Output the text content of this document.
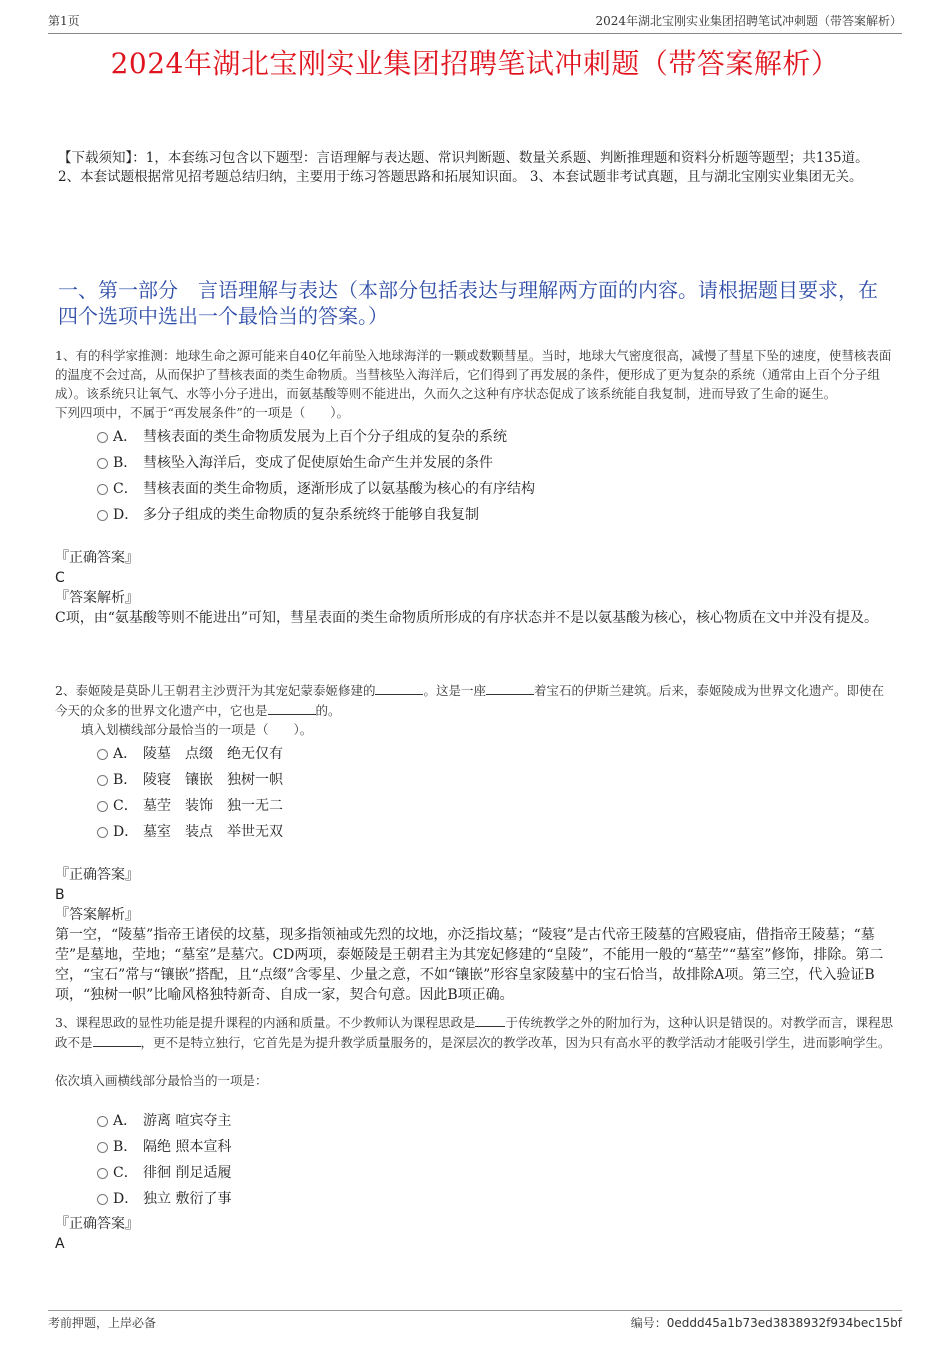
第1页	2024年湖北宝刚实业集团招聘笔试冲刺题（带答案解析）
2024年湖北宝刚实业集团招聘笔试冲刺题（带答案解析）
【下载须知】：1，本套练习包含以下题型：言语理解与表达题、常识判断题、数量关系题、判断推理题和资料分析题等题型；共135道。 2、本套试题根据常见招考题总结归纳，主要用于练习答题思路和拓展知识面。 3、本套试题非考试真题，且与湖北宝刚实业集团无关。
一、第一部分　言语理解与表达（本部分包括表达与理解两方面的内容。请根据题目要求，在四个选项中选出一个最恰当的答案。）

1、有的科学家推测：地球生命之源可能来自40亿年前坠入地球海洋的一颗或数颗彗星。当时，地球大气密度很高，减慢了彗星下坠的速度，使彗核表面的温度不会过高，从而保护了彗核表面的类生命物质。当彗核坠入海洋后，它们得到了再发展的条件，便形成了更为复杂的系统（通常由上百个分子组成）。该系统只让氧气、水等小分子进出，而氨基酸等则不能进出，久而久之这种有序状态促成了该系统能自我复制，进而导致了生命的诞生。

下列四项中，不属于“再发展条件”的一项是（　　）。

A． 彗核表面的类生命物质发展为上百个分子组成的复杂的系统
B． 彗核坠入海洋后，变成了促使原始生命产生并发展的条件
C． 彗核表面的类生命物质，逐渐形成了以氨基酸为核心的有序结构
D． 多分子组成的类生命物质的复杂系统终于能够自我复制
『正确答案』
C
『答案解析』
C项，由“氨基酸等则不能进出”可知，彗星表面的类生命物质所形成的有序状态并不是以氨基酸为核心，核心物质在文中并没有提及。

2、泰姬陵是莫卧儿王朝君主沙贾汗为其宠妃蒙泰姬修建的	。这是一座	着宝石的伊斯兰建筑。后来，泰姬陵成为世界文化遗产。即使在今天的众多的世界文化遗产中，它也是	的。

填入划横线部分最恰当的一项是（　　）。

A． 陵墓　点缀　绝无仅有
B． 陵寝　镶嵌　独树一帜
C． 墓茔　装饰　独一无二
D． 墓室　装点　举世无双
『正确答案』
B
『答案解析』
第一空，“陵墓”指帝王诸侯的坟墓，现多指领袖或先烈的坟地，亦泛指坟墓；“陵寝”是古代帝王陵墓的宫殿寝庙，借指帝王陵墓；“墓茔”是墓地，茔地；“墓室”是墓穴。CD两项，泰姬陵是王朝君主为其宠妃修建的“皇陵”，不能用一般的“墓茔”“墓室”修饰，排除。第二空，“宝石”常与“镶嵌”搭配，且“点缀”含零星、少量之意，不如“镶嵌”形容皇家陵墓中的宝石恰当，故排除A项。第三空，代入验证B项，“独树一帜”比喻风格独特新奇、自成一家，契合句意。因此B项正确。

3、课程思政的显性功能是提升课程的内涵和质量。不少教师认为课程思政是 于传统教学之外的附加行为，这种认识是错误的。对教学而言，课程思政不是	，更不是特立独行，它首先是为提升教学质量服务的，是深层次的教学改革，因为只有高水平的教学活动才能吸引学生，进而影响学生。

依次填入画横线部分最恰当的一项是：

A． 游离 喧宾夺主
B． 隔绝 照本宣科
C． 徘徊 削足适履
D． 独立 敷衍了事
『正确答案』
A
考前押题，上岸必备	编号：0eddd45a1b73ed3838932f934bec15bf
